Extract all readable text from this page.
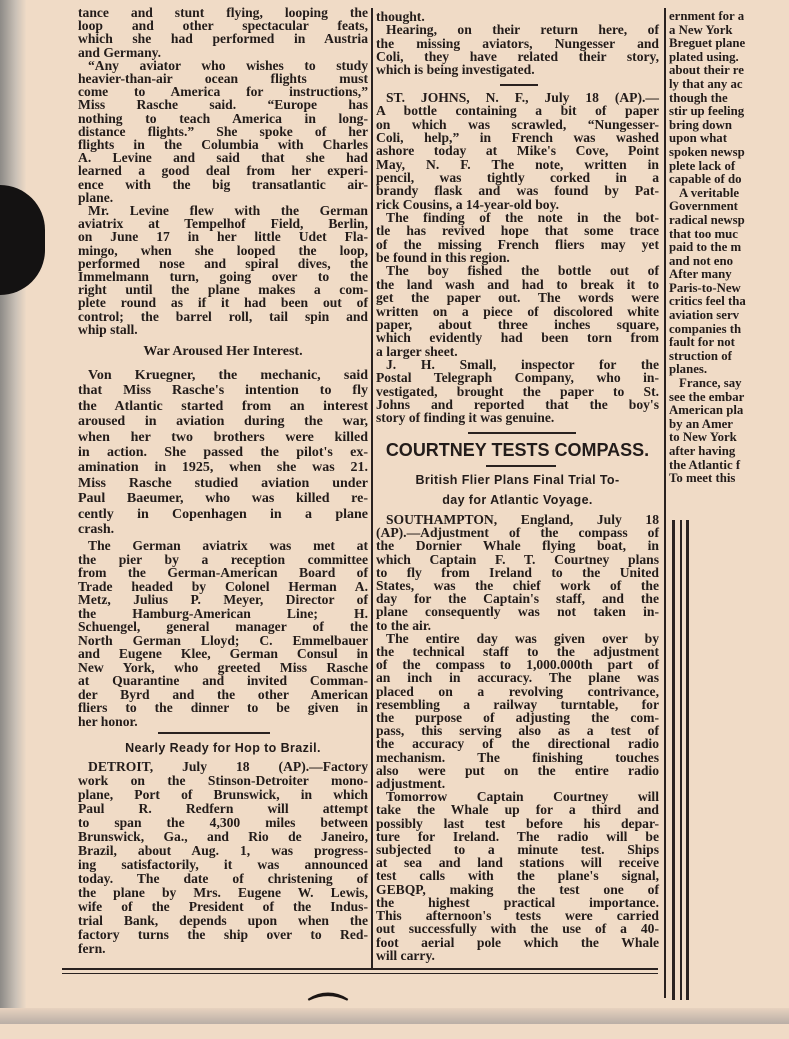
tance and stunt flying, looping the
loop and other spectacular feats,
which she had performed in Austria
and Germany.
“Any aviator who wishes to study
heavier-than-air ocean flights must
come to America for instructions,”
Miss Rasche said. “Europe has
nothing to teach America in long-
distance flights.” She spoke of her
flights in the Columbia with Charles
A. Levine and said that she had
learned a good deal from her experi-
ence with the big transatlantic air-
plane.
Mr. Levine flew with the German
aviatrix at Tempelhof Field, Berlin,
on June 17 in her little Udet Fla-
mingo, when she looped the loop,
performed nose and spiral dives, the
Immelmann turn, going over to the
right until the plane makes a com-
plete round as if it had been out of
control; the barrel roll, tail spin and
whip stall.
War Aroused Her Interest.
Von Kruegner, the mechanic, said
that Miss Rasche's intention to fly
the Atlantic started from an interest
aroused in aviation during the war,
when her two brothers were killed
in action. She passed the pilot's ex-
amination in 1925, when she was 21.
Miss Rasche studied aviation under
Paul Baeumer, who was killed re-
cently in Copenhagen in a plane
crash.
The German aviatrix was met at
the pier by a reception committee
from the German-American Board of
Trade headed by Colonel Herman A.
Metz, Julius P. Meyer, Director of
the Hamburg-American Line; H.
Schuengel, general manager of the
North German Lloyd; C. Emmelbauer
and Eugene Klee, German Consul in
New York, who greeted Miss Rasche
at Quarantine and invited Comman-
der Byrd and the other American
fliers to the dinner to be given in
her honor.
Nearly Ready for Hop to Brazil.
DETROIT, July 18 (AP).—Factory
work on the Stinson-Detroiter mono-
plane, Port of Brunswick, in which
Paul R. Redfern will attempt
to span the 4,300 miles between
Brunswick, Ga., and Rio de Janeiro,
Brazil, about Aug. 1, was progress-
ing satisfactorily, it was announced
today. The date of christening of
the plane by Mrs. Eugene W. Lewis,
wife of the President of the Indus-
trial Bank, depends upon when the
factory turns the ship over to Red-
fern.
thought.
Hearing, on their return here, of
the missing aviators, Nungesser and
Coli, they have related their story,
which is being investigated.
ST. JOHNS, N. F., July 18 (AP).—
A bottle containing a bit of paper
on which was scrawled, “Nungesser-
Coli, help,” in French was washed
ashore today at Mike's Cove, Point
May, N. F. The note, written in
pencil, was tightly corked in a
brandy flask and was found by Pat-
rick Cousins, a 14-year-old boy.
The finding of the note in the bot-
tle has revived hope that some trace
of the missing French fliers may yet
be found in this region.
The boy fished the bottle out of
the land wash and had to break it to
get the paper out. The words were
written on a piece of discolored white
paper, about three inches square,
which evidently had been torn from
a larger sheet.
J. H. Small, inspector for the
Postal Telegraph Company, who in-
vestigated, brought the paper to St.
Johns and reported that the boy's
story of finding it was genuine.
COURTNEY TESTS COMPASS.
British Flier Plans Final Trial To-
day for Atlantic Voyage.
SOUTHAMPTON, England, July 18
(AP).—Adjustment of the compass of
the Dornier Whale flying boat, in
which Captain F. T. Courtney plans
to fly from Ireland to the United
States, was the chief work of the
day for the Captain's staff, and the
plane consequently was not taken in-
to the air.
The entire day was given over by
the technical staff to the adjustment
of the compass to 1,000.000th part of
an inch in accuracy. The plane was
placed on a revolving contrivance,
resembling a railway turntable, for
the purpose of adjusting the com-
pass, this serving also as a test of
the accuracy of the directional radio
mechanism. The finishing touches
also were put on the entire radio
adjustment.
Tomorrow Captain Courtney will
take the Whale up for a third and
possibly last test before his depar-
ture for Ireland. The radio will be
subjected to a minute test. Ships
at sea and land stations will receive
test calls with the plane's signal,
GEBQP, making the test one of
the highest practical importance.
This afternoon's tests were carried
out successfully with the use of a 40-
foot aerial pole which the Whale
will carry.
ernment for a
a New York
Breguet plane
plated using.
about their re
ly that any ac
though the
stir up feeling
bring down
upon what
spoken newsp
plete lack of
capable of do
A veritable
Government
radical newsp
that too muc
paid to the m
and not eno
After many
Paris-to-New
critics feel tha
aviation serv
companies th
fault for not
struction of
planes.
France, say
see the embar
American pla
by an Amer
to New York
after having
the Atlantic f
To meet this
⌒
